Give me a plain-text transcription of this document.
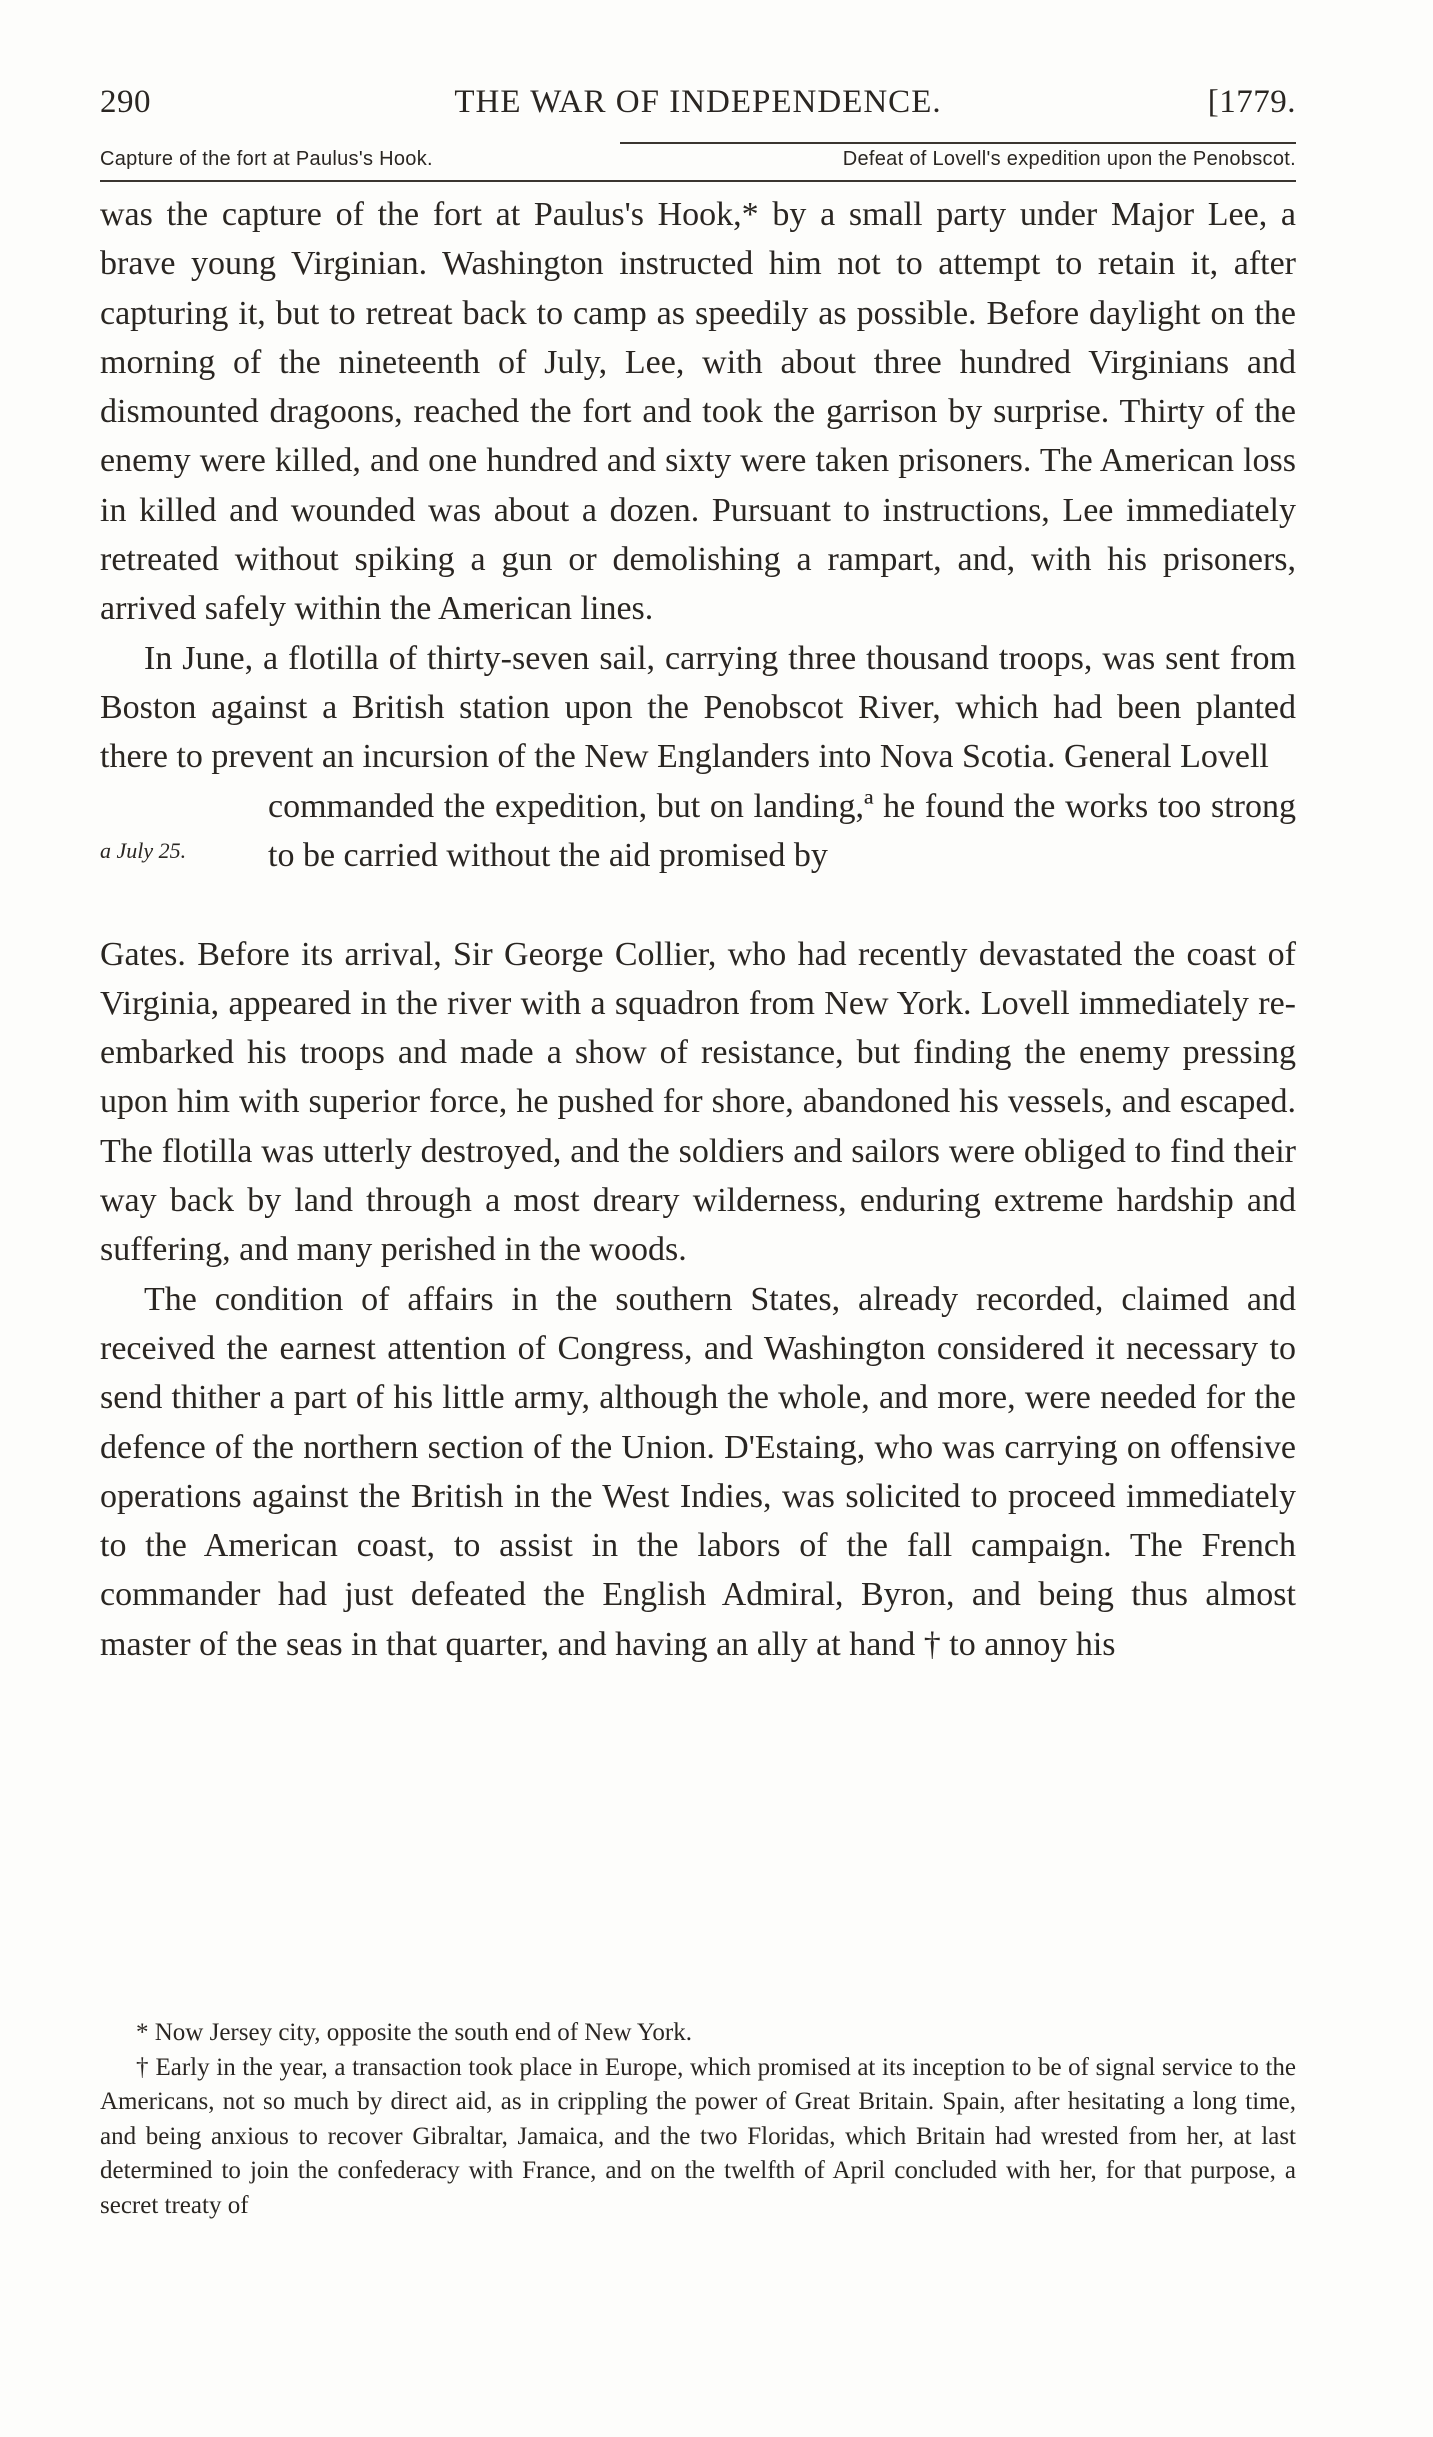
290	THE WAR OF INDEPENDENCE.	[1779.
Capture of the fort at Paulus's Hook.	Defeat of Lovell's expedition upon the Penobscot.

was the capture of the fort at Paulus's Hook,* by a small party under Major Lee, a brave young Virginian. Washington instructed him not to attempt to retain it, after capturing it, but to retreat back to camp as speedily as possible. Before daylight on the morning of the nineteenth of July, Lee, with about three hundred Virginians and dismounted dragoons, reached the fort and took the garrison by surprise. Thirty of the enemy were killed, and one hundred and sixty were taken prisoners. The American loss in killed and wounded was about a dozen. Pursuant to instructions, Lee immediately retreated without spiking a gun or demolishing a rampart, and, with his prisoners, arrived safely within the American lines.

In June, a flotilla of thirty-seven sail, carrying three thousand troops, was sent from Boston against a British station upon the Penobscot River, which had been planted there to prevent an incursion of the New Englanders into Nova Scotia. General Lovell

a July 25.
commanded the expedition, but on landing,ª he found the works too strong to be carried without the aid promised by

Gates. Before its arrival, Sir George Collier, who had recently devastated the coast of Virginia, appeared in the river with a squadron from New York. Lovell immediately re-embarked his troops and made a show of resistance, but finding the enemy pressing upon him with superior force, he pushed for shore, abandoned his vessels, and escaped. The flotilla was utterly destroyed, and the soldiers and sailors were obliged to find their way back by land through a most dreary wilderness, enduring extreme hardship and suffering, and many perished in the woods.

The condition of affairs in the southern States, already recorded, claimed and received the earnest attention of Congress, and Washington considered it necessary to send thither a part of his little army, although the whole, and more, were needed for the defence of the northern section of the Union. D'Estaing, who was carrying on offensive operations against the British in the West Indies, was solicited to proceed immediately to the American coast, to assist in the labors of the fall campaign. The French commander had just defeated the English Admiral, Byron, and being thus almost master of the seas in that quarter, and having an ally at hand † to annoy his

* Now Jersey city, opposite the south end of New York.

† Early in the year, a transaction took place in Europe, which promised at its inception to be of signal service to the Americans, not so much by direct aid, as in crippling the power of Great Britain. Spain, after hesitating a long time, and being anxious to recover Gibraltar, Jamaica, and the two Floridas, which Britain had wrested from her, at last determined to join the confederacy with France, and on the twelfth of April concluded with her, for that purpose, a secret treaty of
